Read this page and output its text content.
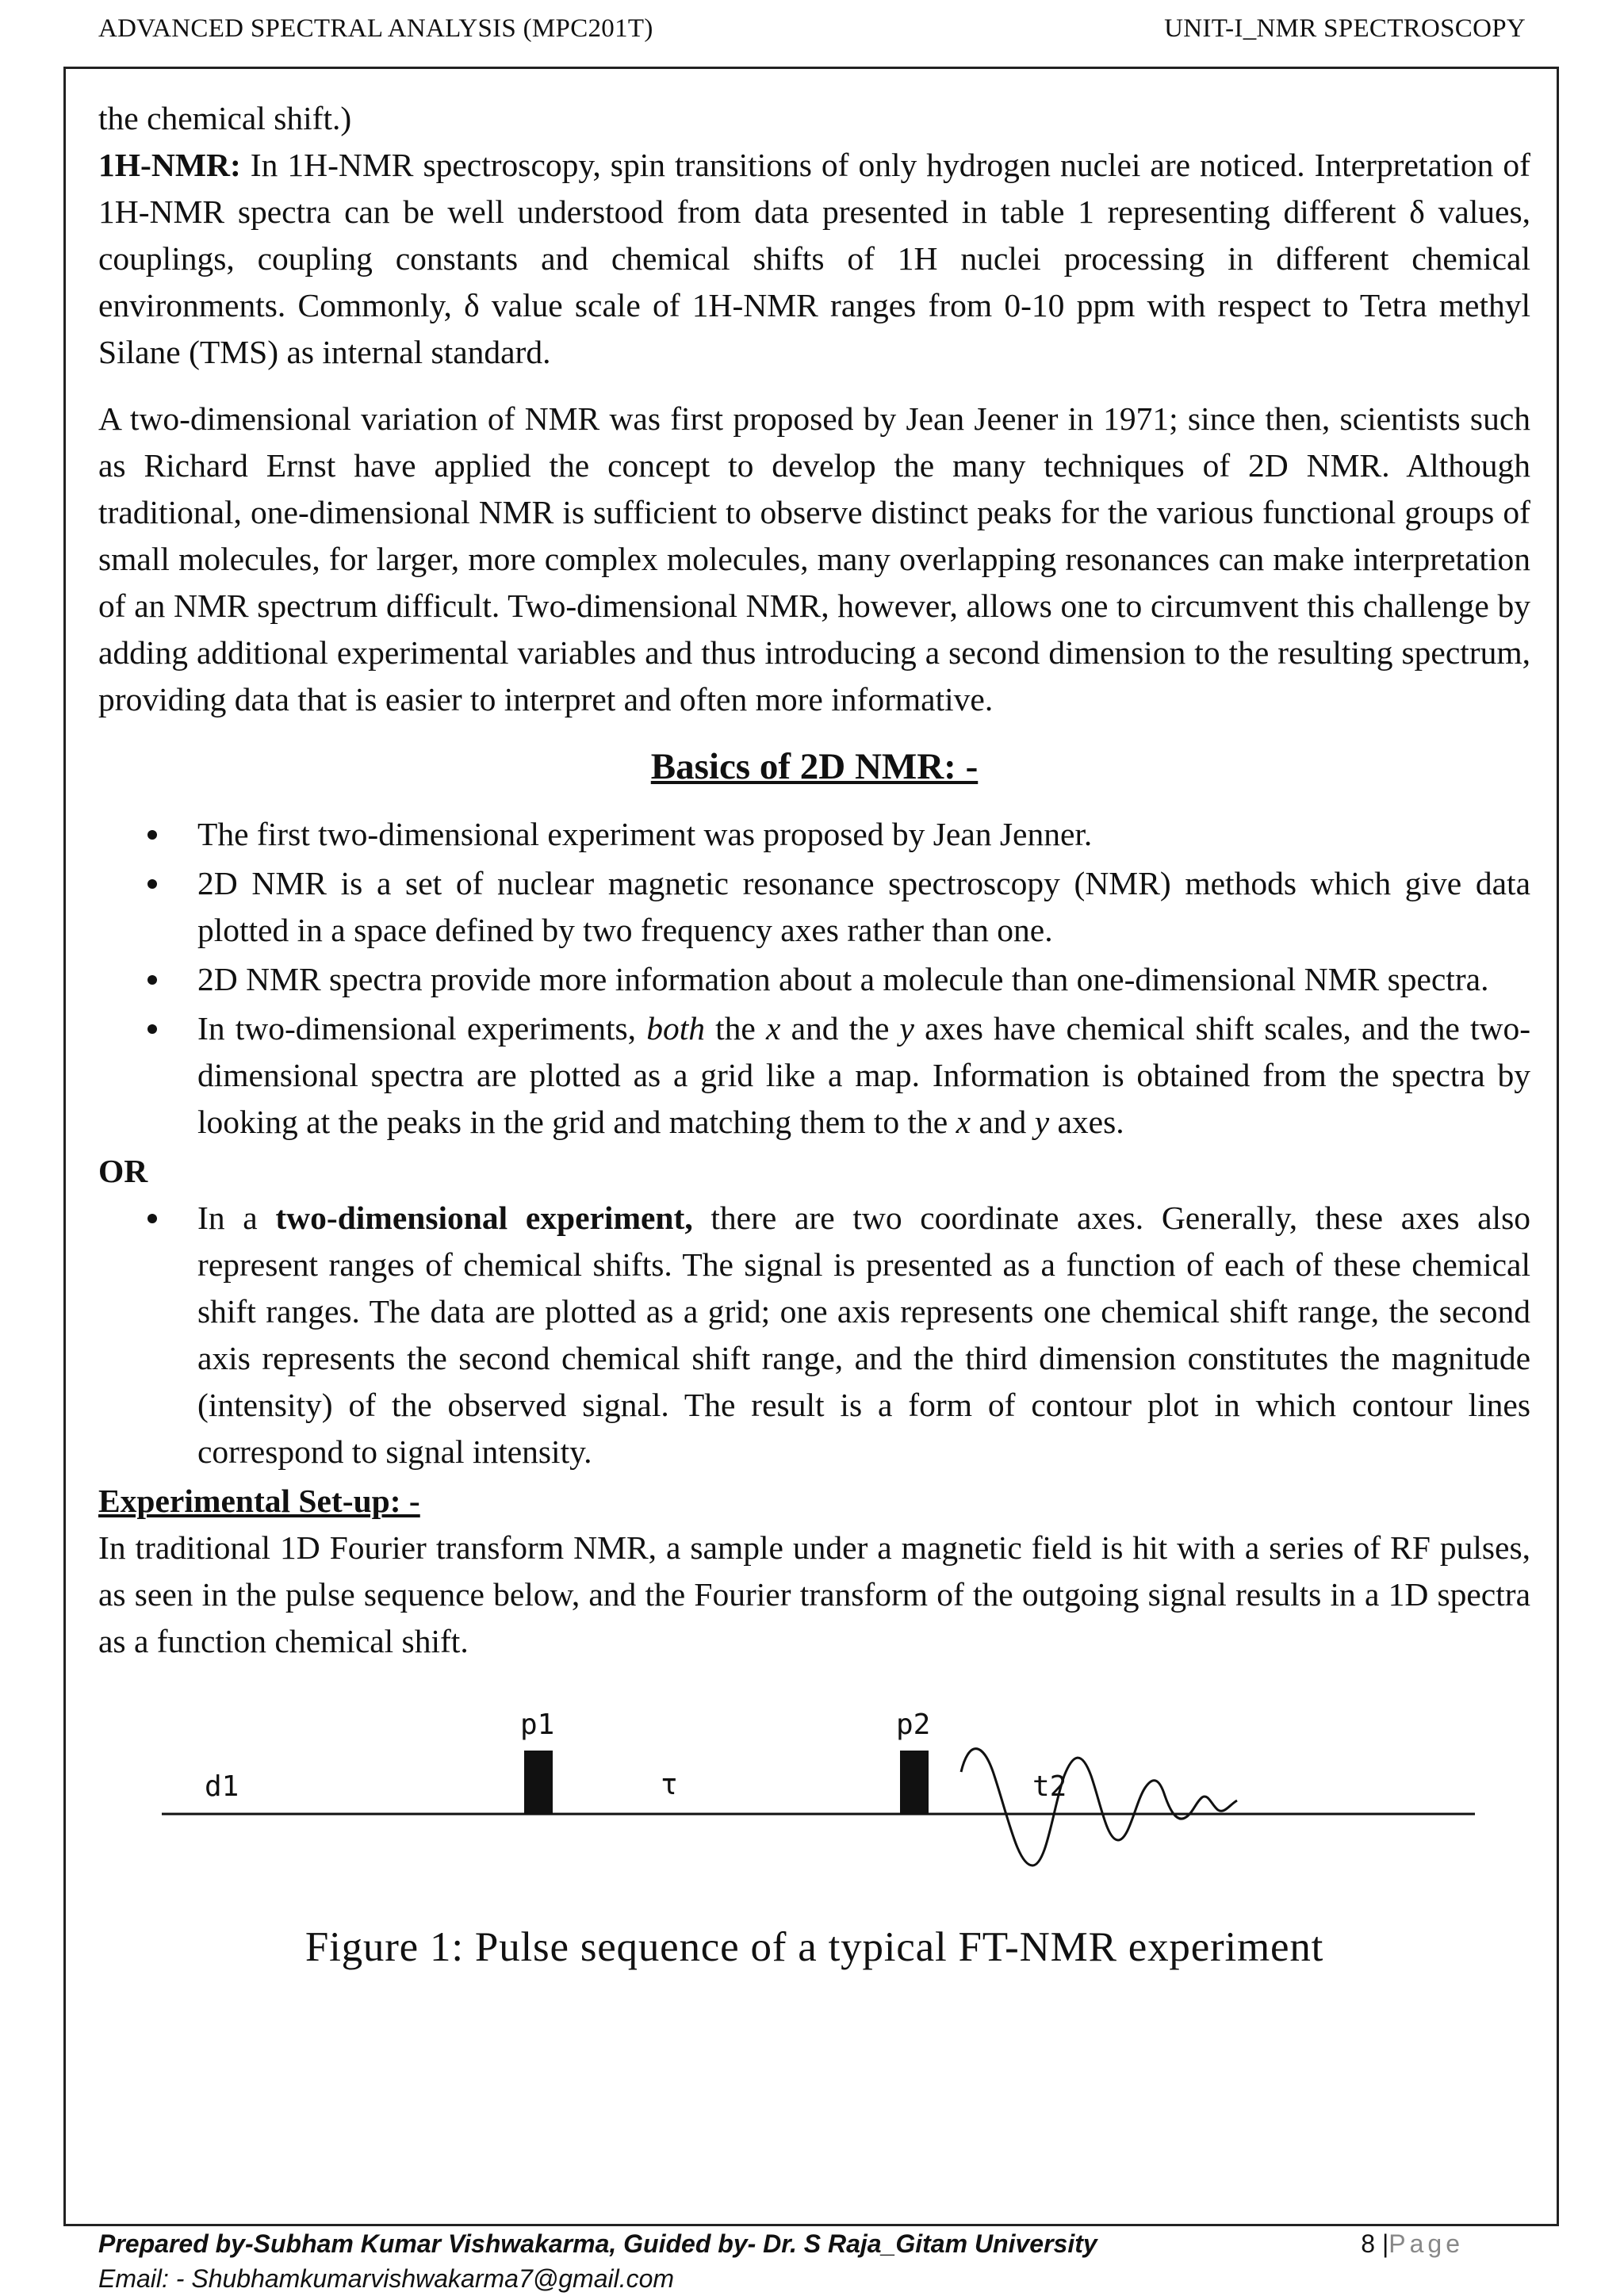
ADVANCED SPECTRAL ANALYSIS (MPC201T)	UNIT-I_NMR SPECTROSCOPY

the chemical shift.)

1H-NMR: In 1H-NMR spectroscopy, spin transitions of only hydrogen nuclei are noticed. Interpretation of 1H-NMR spectra can be well understood from data presented in table 1 representing different δ values, couplings, coupling constants and chemical shifts of 1H nuclei processing in different chemical environments. Commonly, δ value scale of 1H-NMR ranges from 0-10 ppm with respect to Tetra methyl Silane (TMS) as internal standard.

A two-dimensional variation of NMR was first proposed by Jean Jeener in 1971; since then, scientists such as Richard Ernst have applied the concept to develop the many techniques of 2D NMR. Although traditional, one-dimensional NMR is sufficient to observe distinct peaks for the various functional groups of small molecules, for larger, more complex molecules, many overlapping resonances can make interpretation of an NMR spectrum difficult. Two-dimensional NMR, however, allows one to circumvent this challenge by adding additional experimental variables and thus introducing a second dimension to the resulting spectrum, providing data that is easier to interpret and often more informative.

Basics of 2D NMR: -
The first two-dimensional experiment was proposed by Jean Jenner.
2D NMR is a set of nuclear magnetic resonance spectroscopy (NMR) methods which give data plotted in a space defined by two frequency axes rather than one.
2D NMR spectra provide more information about a molecule than one-dimensional NMR spectra.
In two-dimensional experiments, both the x and the y axes have chemical shift scales, and the two-dimensional spectra are plotted as a grid like a map. Information is obtained from the spectra by looking at the peaks in the grid and matching them to the x and y axes.

OR

In a two-dimensional experiment, there are two coordinate axes. Generally, these axes also represent ranges of chemical shifts. The signal is presented as a function of each of these chemical shift ranges. The data are plotted as a grid; one axis represents one chemical shift range, the second axis represents the second chemical shift range, and the third dimension constitutes the magnitude (intensity) of the observed signal. The result is a form of contour plot in which contour lines correspond to signal intensity.

Experimental Set-up: -

In traditional 1D Fourier transform NMR, a sample under a magnetic field is hit with a series of RF pulses, as seen in the pulse sequence below, and the Fourier transform of the outgoing signal results in a 1D spectra as a function chemical shift.

d1
p1
τ
p2
t2
Figure 1: Pulse sequence of a typical FT-NMR experiment
Prepared by-Subham Kumar Vishwakarma, Guided by- Dr. S Raja_Gitam University	8 |Page
Email: - Shubhamkumarvishwakarma7@gmail.com
